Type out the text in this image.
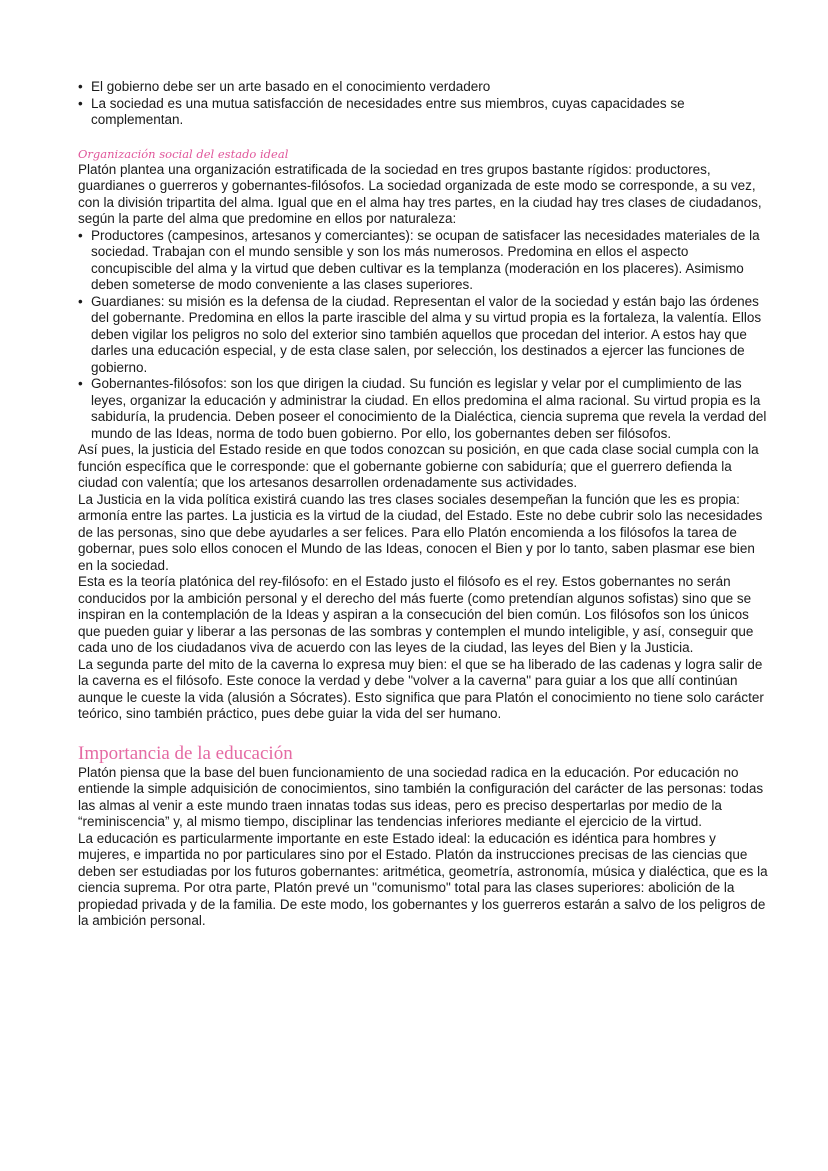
• El gobierno debe ser un arte basado en el conocimiento verdadero
• La sociedad es una mutua satisfacción de necesidades entre sus miembros, cuyas capacidades se complementan.
Organización social del estado ideal

Platón plantea una organización estratificada de la sociedad en tres grupos bastante rígidos: productores, guardianes o guerreros y gobernantes-filósofos. La sociedad organizada de este modo se corresponde, a su vez, con la división tripartita del alma. Igual que en el alma hay tres partes, en la ciudad hay tres clases de ciudadanos, según la parte del alma que predomine en ellos por naturaleza:

• Productores (campesinos, artesanos y comerciantes): se ocupan de satisfacer las necesidades materiales de la sociedad. Trabajan con el mundo sensible y son los más numerosos. Predomina en ellos el aspecto concupiscible del alma y la virtud que deben cultivar es la templanza (moderación en los placeres). Asimismo deben someterse de modo conveniente a las clases superiores.
• Guardianes: su misión es la defensa de la ciudad. Representan el valor de la sociedad y están bajo las órdenes del gobernante. Predomina en ellos la parte irascible del alma y su virtud propia es la fortaleza, la valentía. Ellos deben vigilar los peligros no solo del exterior sino también aquellos que procedan del interior. A estos hay que darles una educación especial, y de esta clase salen, por selección, los destinados a ejercer las funciones de gobierno.
• Gobernantes-filósofos: son los que dirigen la ciudad. Su función es legislar y velar por el cumplimiento de las leyes, organizar la educación y administrar la ciudad. En ellos predomina el alma racional. Su virtud propia es la sabiduría, la prudencia. Deben poseer el conocimiento de la Dialéctica, ciencia suprema que revela la verdad del mundo de las Ideas, norma de todo buen gobierno. Por ello, los gobernantes deben ser filósofos.

Así pues, la justicia del Estado reside en que todos conozcan su posición, en que cada clase social cumpla con la función específica que le corresponde: que el gobernante gobierne con sabiduría; que el guerrero defienda la ciudad con valentía; que los artesanos desarrollen ordenadamente sus actividades.

La Justicia en la vida política existirá cuando las tres clases sociales desempeñan la función que les es propia: armonía entre las partes. La justicia es la virtud de la ciudad, del Estado. Este no debe cubrir solo las necesidades de las personas, sino que debe ayudarles a ser felices. Para ello Platón encomienda a los filósofos la tarea de gobernar, pues solo ellos conocen el Mundo de las Ideas, conocen el Bien y por lo tanto, saben plasmar ese bien en la sociedad.

Esta es la teoría platónica del rey-filósofo: en el Estado justo el filósofo es el rey. Estos gobernantes no serán conducidos por la ambición personal y el derecho del más fuerte (como pretendían algunos sofistas) sino que se inspiran en la contemplación de la Ideas y aspiran a la consecución del bien común. Los filósofos son los únicos que pueden guiar y liberar a las personas de las sombras y contemplen el mundo inteligible, y así, conseguir que cada uno de los ciudadanos viva de acuerdo con las leyes de la ciudad, las leyes del Bien y la Justicia.

La segunda parte del mito de la caverna lo expresa muy bien: el que se ha liberado de las cadenas y logra salir de la caverna es el filósofo. Este conoce la verdad y debe "volver a la caverna" para guiar a los que allí continúan aunque le cueste la vida (alusión a Sócrates). Esto significa que para Platón el conocimiento no tiene solo carácter teórico, sino también práctico, pues debe guiar la vida del ser humano.

Importancia de la educación

Platón piensa que la base del buen funcionamiento de una sociedad radica en la educación. Por educación no entiende la simple adquisición de conocimientos, sino también la configuración del carácter de las personas: todas las almas al venir a este mundo traen innatas todas sus ideas, pero es preciso despertarlas por medio de la “reminiscencia” y, al mismo tiempo, disciplinar las tendencias inferiores mediante el ejercicio de la virtud.

La educación es particularmente importante en este Estado ideal: la educación es idéntica para hombres y mujeres, e impartida no por particulares sino por el Estado. Platón da instrucciones precisas de las ciencias que deben ser estudiadas por los futuros gobernantes: aritmética, geometría, astronomía, música y dialéctica, que es la ciencia suprema. Por otra parte, Platón prevé un "comunismo" total para las clases superiores: abolición de la propiedad privada y de la familia. De este modo, los gobernantes y los guerreros estarán a salvo de los peligros de la ambición personal.
